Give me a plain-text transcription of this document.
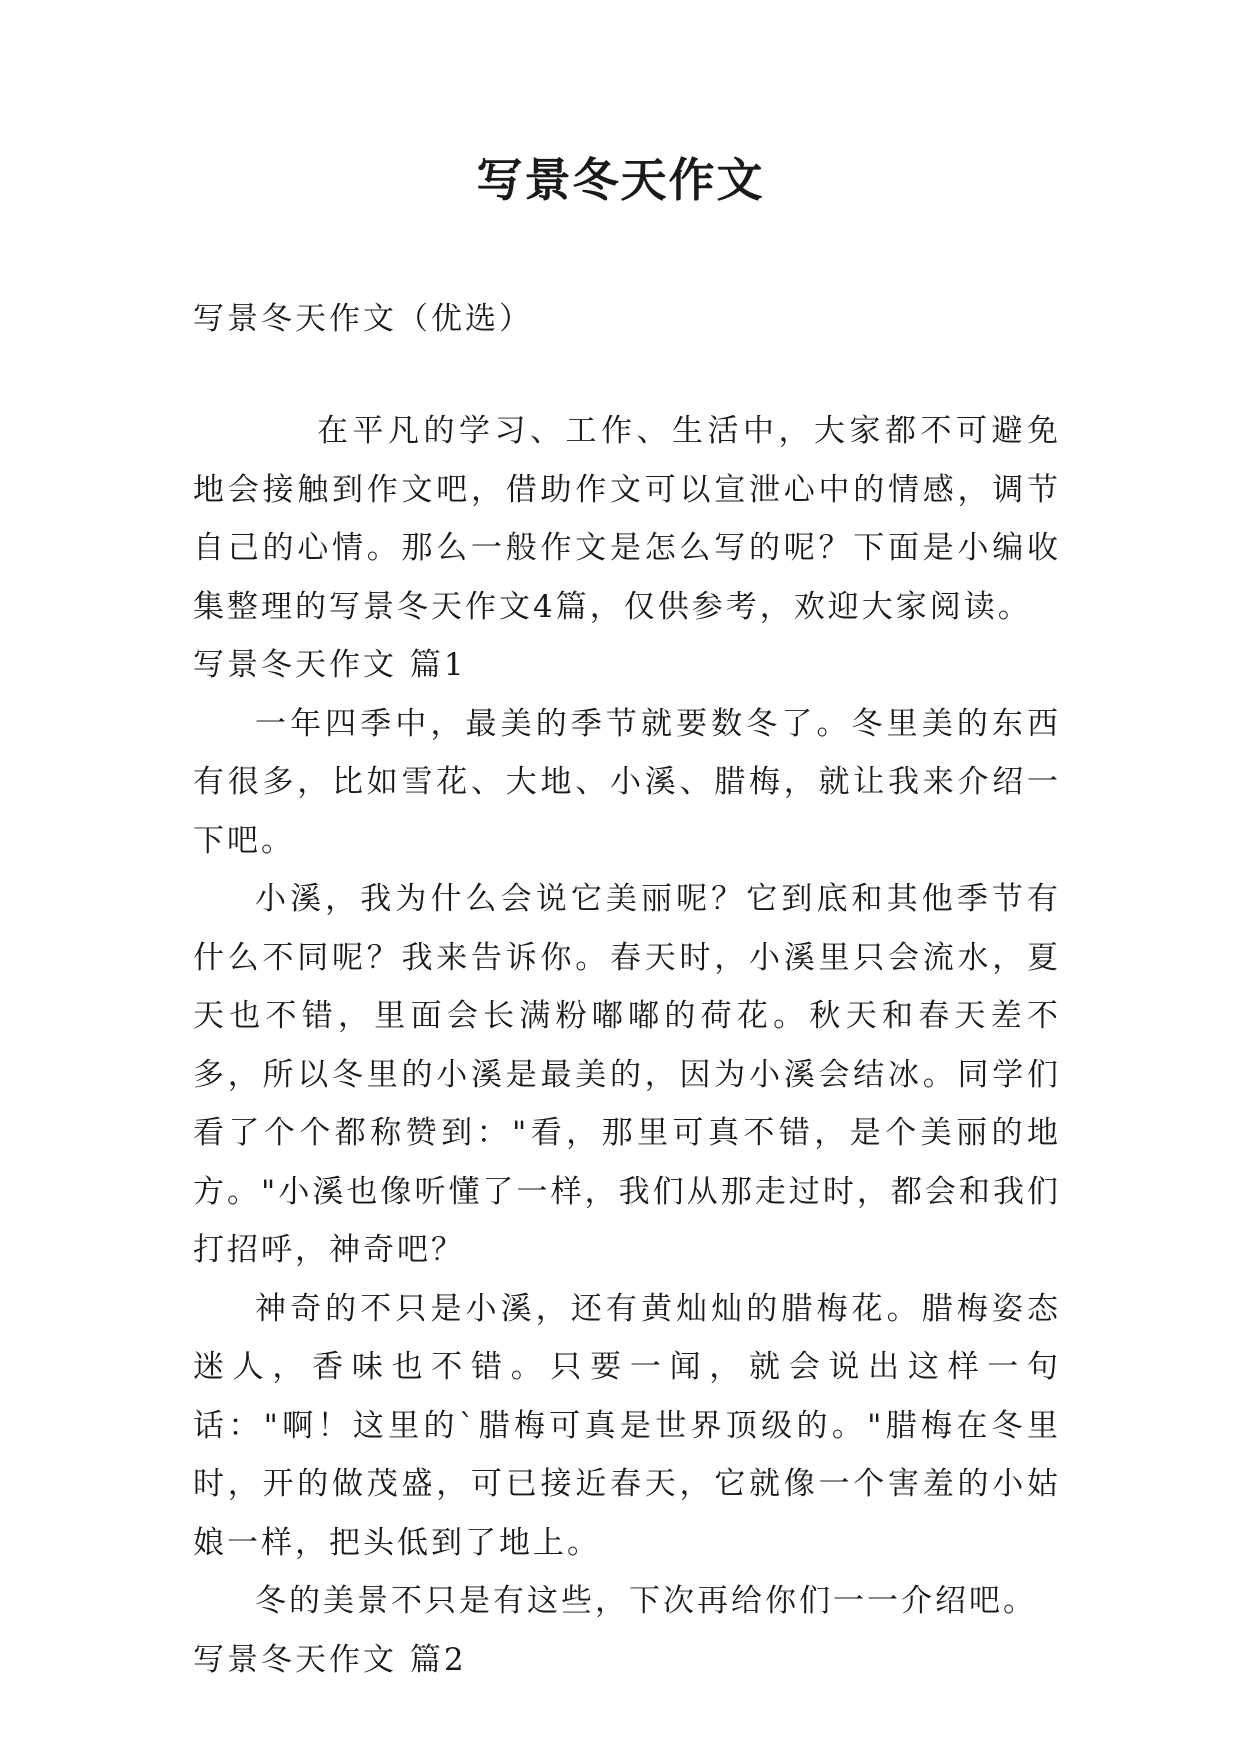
写景冬天作文
写景冬天作文（优选）

在平凡的学习、工作、生活中，大家都不可避免地会接触到作文吧，借助作文可以宣泄心中的情感，调节自己的心情。那么一般作文是怎么写的呢？下面是小编收集整理的写景冬天作文4篇，仅供参考，欢迎大家阅读。

写景冬天作文 篇1

一年四季中，最美的季节就要数冬了。冬里美的东西有很多，比如雪花、大地、小溪、腊梅，就让我来介绍一下吧。

小溪，我为什么会说它美丽呢？它到底和其他季节有什么不同呢？我来告诉你。春天时，小溪里只会流水，夏天也不错，里面会长满粉嘟嘟的荷花。秋天和春天差不多，所以冬里的小溪是最美的，因为小溪会结冰。同学们看了个个都称赞到："看，那里可真不错，是个美丽的地方。"小溪也像听懂了一样，我们从那走过时，都会和我们打招呼，神奇吧？

神奇的不只是小溪，还有黄灿灿的腊梅花。腊梅姿态迷人，香味也不错。只要一闻，就会说出这样一句话："啊！这里的`腊梅可真是世界顶级的。"腊梅在冬里时，开的做茂盛，可已接近春天，它就像一个害羞的小姑娘一样，把头低到了地上。

冬的美景不只是有这些，下次再给你们一一介绍吧。

写景冬天作文 篇2
